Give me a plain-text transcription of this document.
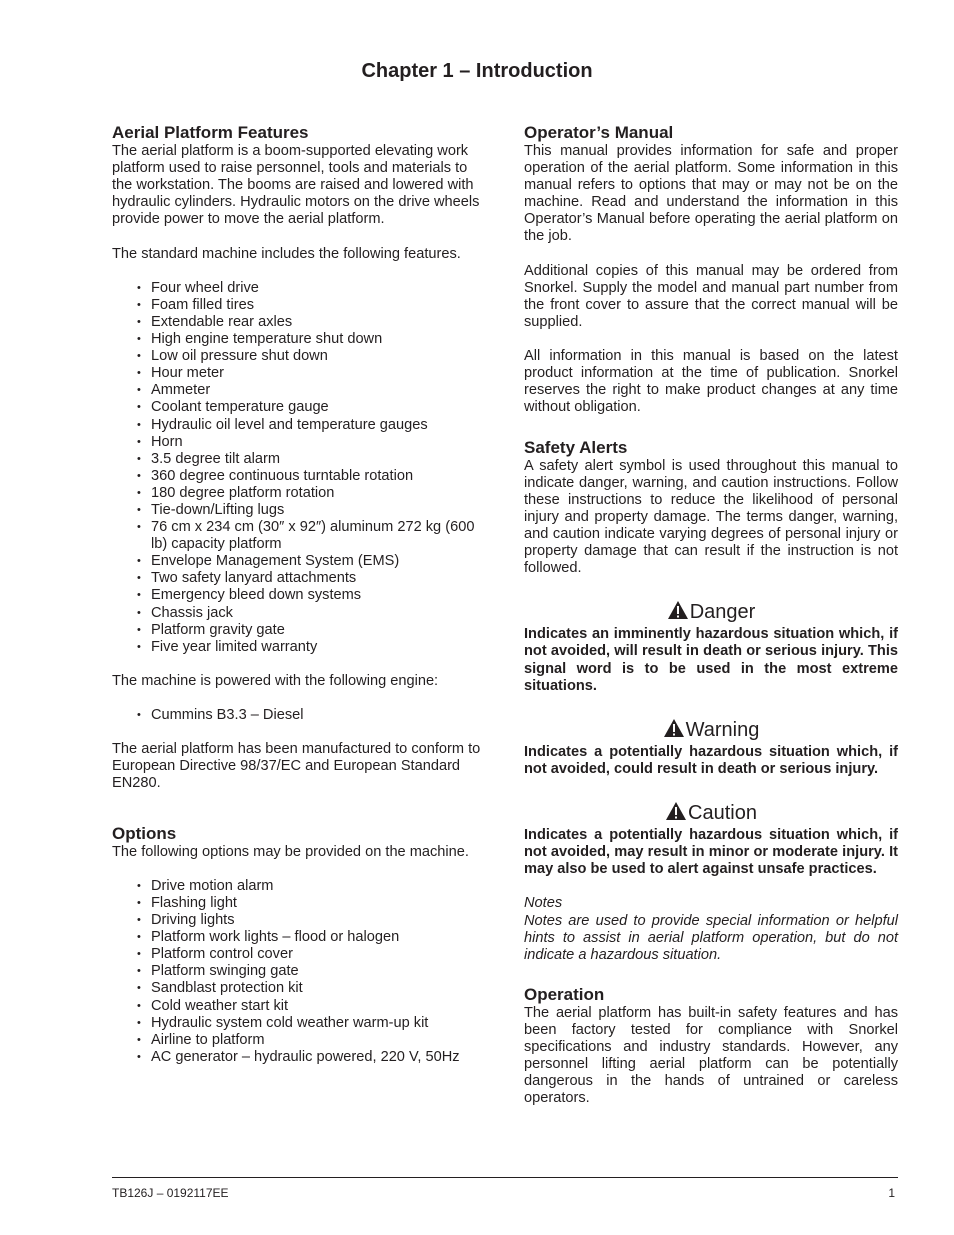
Chapter 1 – Introduction
Aerial Platform Features

The aerial platform is a boom-supported elevating work platform used to raise personnel, tools and materials to the workstation. The booms are raised and lowered with hydraulic cylinders. Hydraulic motors on the drive wheels provide power to move the aerial platform.

The standard machine includes the following features.

• Four wheel drive
• Foam filled tires
• Extendable rear axles
• High engine temperature shut down
• Low oil pressure shut down
• Hour meter
• Ammeter
• Coolant temperature gauge
• Hydraulic oil level and temperature gauges
• Horn
• 3.5 degree tilt alarm
• 360 degree continuous turntable rotation
• 180 degree platform rotation
• Tie-down/Lifting lugs
• 76 cm x 234 cm (30″ x 92″) aluminum 272 kg (600 lb) capacity platform
• Envelope Management System (EMS)
• Two safety lanyard attachments
• Emergency bleed down systems
• Chassis jack
• Platform gravity gate
• Five year limited warranty

The machine is powered with the following engine:

• Cummins B3.3 – Diesel

The aerial platform has been manufactured to conform to European Directive 98/37/EC and European Standard EN280.

Options

The following options may be provided on the machine.

• Drive motion alarm
• Flashing light
• Driving lights
• Platform work lights – flood or halogen
• Platform control cover
• Platform swinging gate
• Sandblast protection kit
• Cold weather start kit
• Hydraulic system cold weather warm-up kit
• Airline to platform
• AC generator – hydraulic powered, 220 V, 50Hz
Operator’s Manual

This manual provides information for safe and proper operation of the aerial platform. Some information in this manual refers to options that may or may not be on the machine. Read and understand the information in this Operator’s Manual before operating the aerial platform on the job.

Additional copies of this manual may be ordered from Snorkel. Supply the model and manual part number from the front cover to assure that the correct manual will be supplied.

All information in this manual is based on the latest product information at the time of publication. Snorkel reserves the right to make product changes at any time without obligation.

Safety Alerts

A safety alert symbol is used throughout this manual to indicate danger, warning, and caution instructions. Follow these instructions to reduce the likelihood of personal injury and property damage. The terms danger, warning, and caution indicate varying degrees of personal injury or property damage that can result if the instruction is not followed.

Danger

Indicates an imminently hazardous situation which, if not avoided, will result in death or serious injury. This signal word is to be used in the most extreme situations.

Warning

Indicates a potentially hazardous situation which, if not avoided, could result in death or serious injury.

Caution

Indicates a potentially hazardous situation which, if not avoided, may result in minor or moderate injury. It may also be used to alert against unsafe practices.

Notes

Notes are used to provide special information or helpful hints to assist in aerial platform operation, but do not indicate a hazardous situation.

Operation

The aerial platform has built-in safety features and has been factory tested for compliance with Snorkel specifications and industry standards. However, any personnel lifting aerial platform can be potentially dangerous in the hands of untrained or careless operators.

TB126J – 0192117EE	1
